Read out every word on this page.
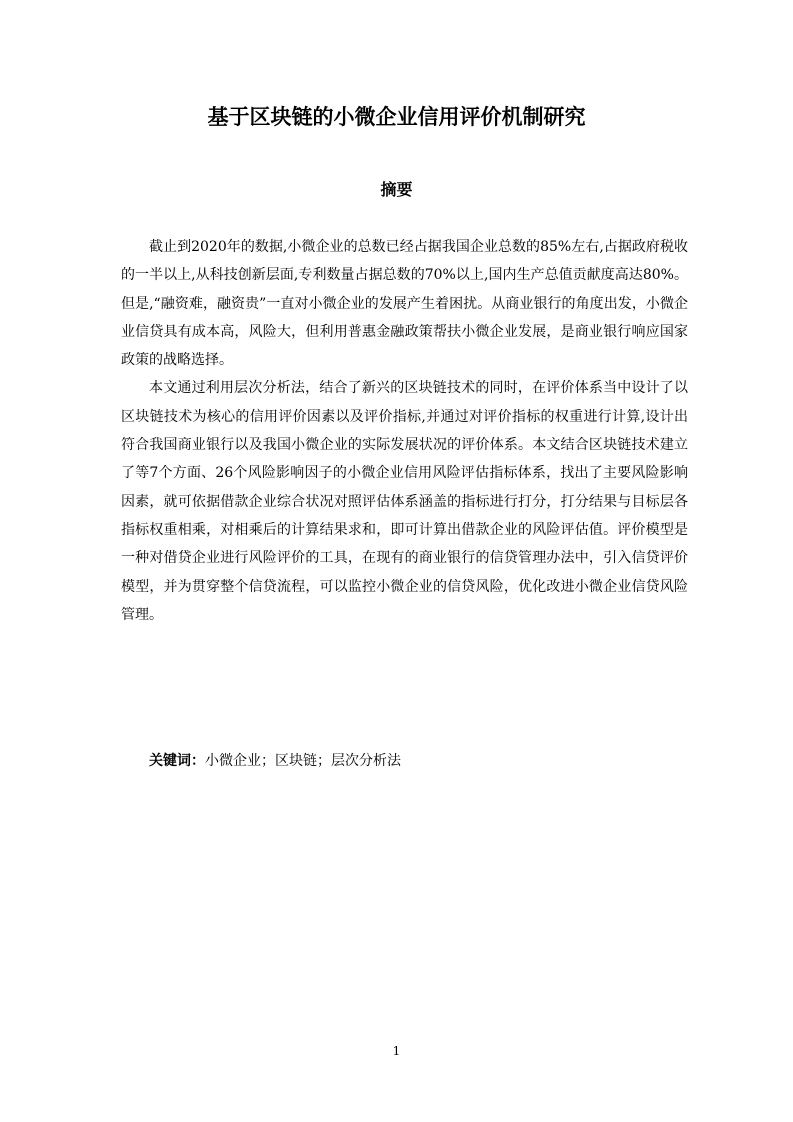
基于区块链的小微企业信用评价机制研究
摘要

截止到2020年的数据,小微企业的总数已经占据我国企业总数的85%左右,占据政府税收的一半以上,从科技创新层面,专利数量占据总数的70%以上,国内生产总值贡献度高达80%。但是,“融资难，融资贵”一直对小微企业的发展产生着困扰。从商业银行的角度出发，小微企业信贷具有成本高，风险大，但利用普惠金融政策帮扶小微企业发展，是商业银行响应国家政策的战略选择。

本文通过利用层次分析法，结合了新兴的区块链技术的同时，在评价体系当中设计了以区块链技术为核心的信用评价因素以及评价指标,并通过对评价指标的权重进行计算,设计出符合我国商业银行以及我国小微企业的实际发展状况的评价体系。本文结合区块链技术建立了等7个方面、26个风险影响因子的小微企业信用风险评估指标体系，找出了主要风险影响因素，就可依据借款企业综合状况对照评估体系涵盖的指标进行打分，打分结果与目标层各指标权重相乘，对相乘后的计算结果求和，即可计算出借款企业的风险评估值。评价模型是一种对借贷企业进行风险评价的工具，在现有的商业银行的信贷管理办法中，引入信贷评价模型，并为贯穿整个信贷流程，可以监控小微企业的信贷风险，优化改进小微企业信贷风险管理。

关键词：小微企业；区块链；层次分析法
1
